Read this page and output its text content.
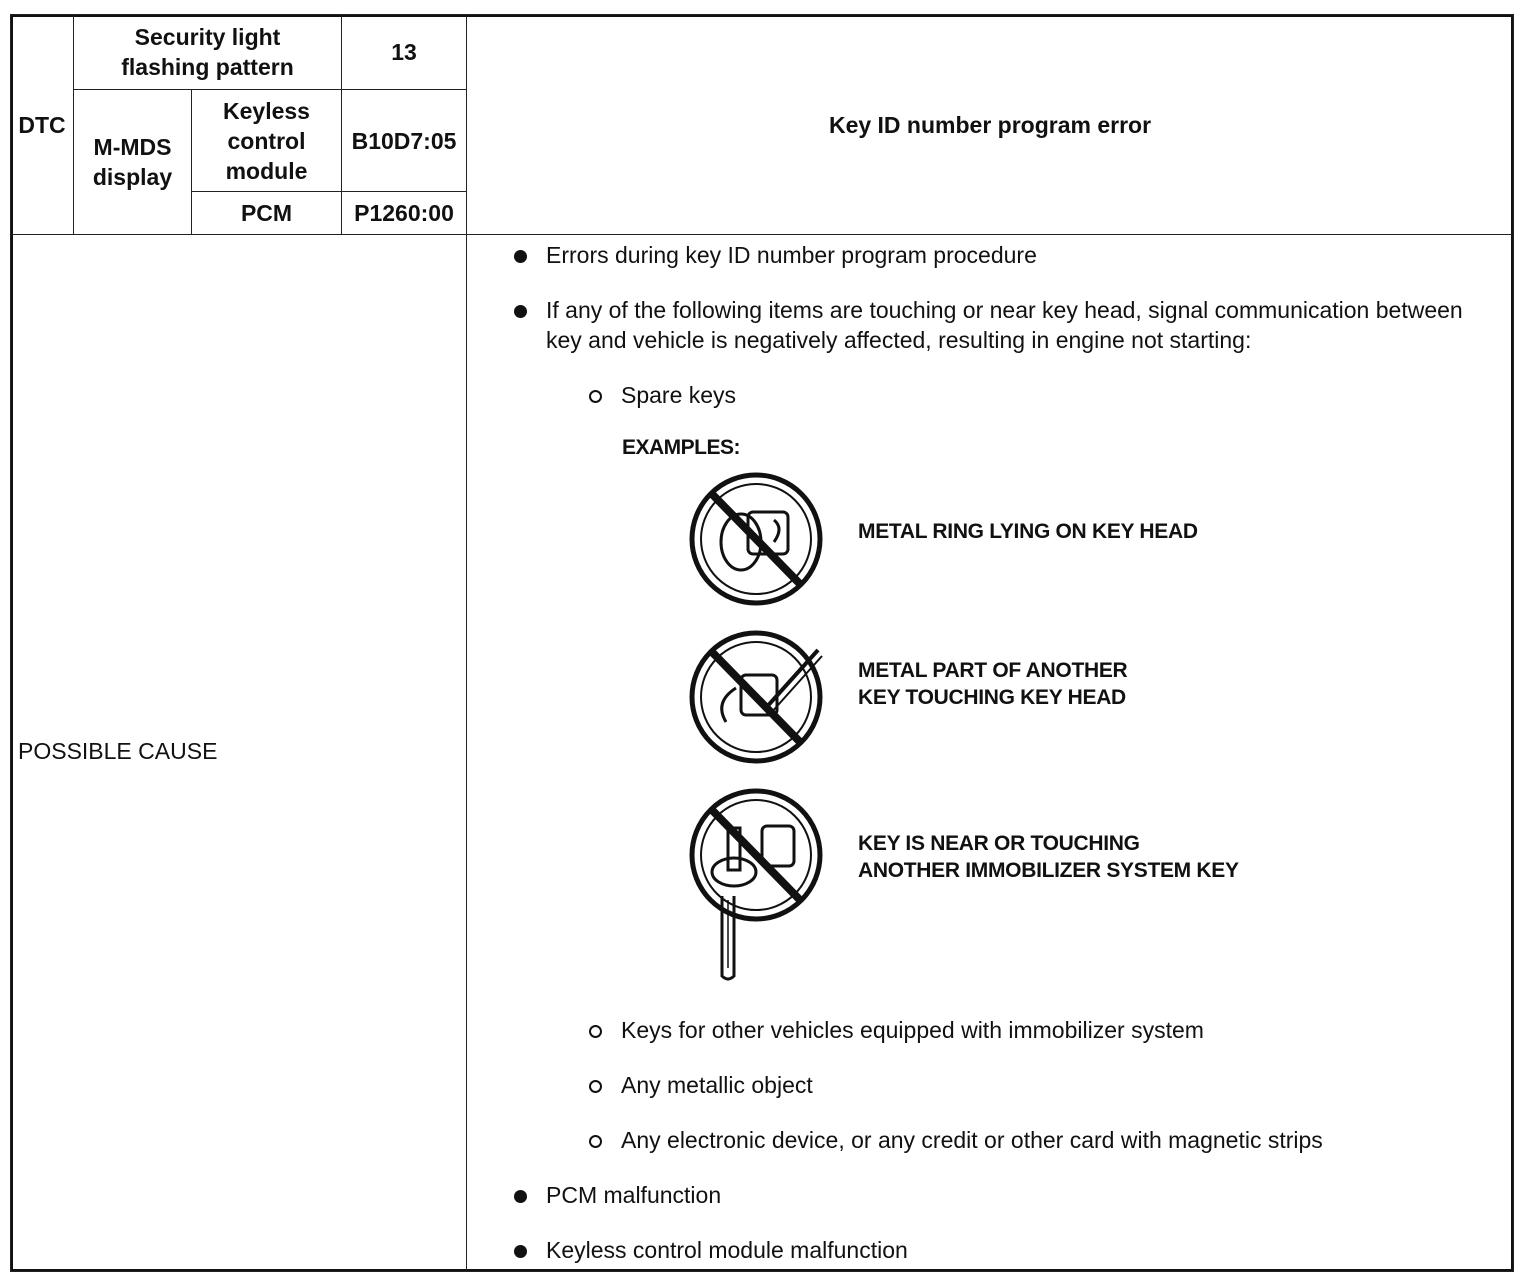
DTC
Security light flashing pattern
13
M-MDS display
Keyless control module
B10D7:05
PCM	P1260:00
Key ID number program error
POSSIBLE CAUSE
Errors during key ID number program procedure
If any of the following items are touching or near key head, signal communication between key and vehicle is negatively affected, resulting in engine not starting:
Spare keys
EXAMPLES:
METAL RING LYING ON KEY HEAD
METAL PART OF ANOTHER
KEY TOUCHING KEY HEAD
KEY IS NEAR OR TOUCHING
ANOTHER IMMOBILIZER SYSTEM KEY
Keys for other vehicles equipped with immobilizer system
Any metallic object
Any electronic device, or any credit or other card with magnetic strips
PCM malfunction
Keyless control module malfunction
